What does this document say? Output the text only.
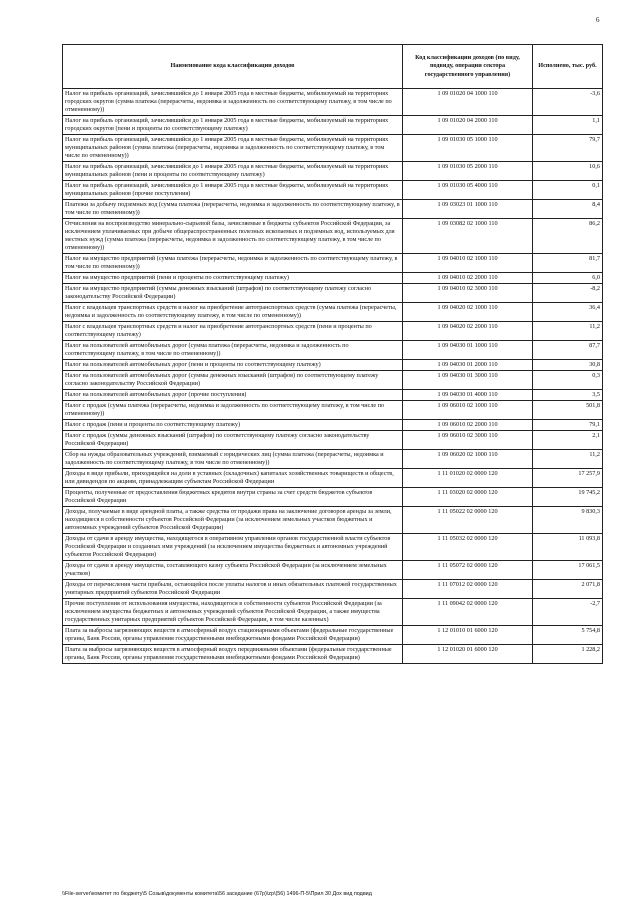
6
Наименование кода классификации доходов	Код классификации доходов (по виду, подвиду, операции сектора государственного управления)	Исполнено, тыс. руб.
Налог на прибыль организаций, зачислявшийся до 1 января 2005 года в местные бюджеты, мобилизуемый на территориях городских округов (сумма платежа (перерасчеты, недоимка и задолженность по соответствующему платежу, в том числе по отмененному))	1 09 01020 04 1000 110	-3,6
Налог на прибыль организаций, зачислявшийся до 1 января 2005 года в местные бюджеты, мобилизуемый на территориях городских округов (пени и проценты по соответствующему платежу)	1 09 01020 04 2000 110	1,1
Налог на прибыль организаций, зачислявшийся до 1 января 2005 года в местные бюджеты, мобилизуемый на территориях муниципальных районов (сумма платежа (перерасчеты, недоимка и задолженность по соответствующему платежу, в том числе по отмененному))	1 09 01030 05 1000 110	79,7
Налог на прибыль организаций, зачислявшийся до 1 января 2005 года в местные бюджеты, мобилизуемый на территориях муниципальных районов (пени и проценты по соответствующему платежу)	1 09 01030 05 2000 110	10,6
Налог на прибыль организаций, зачислявшийся до 1 января 2005 года в местные бюджеты, мобилизуемый на территориях муниципальных районов (прочие поступления)	1 09 01030 05 4000 110	0,1
Платежи за добычу подземных вод (сумма платежа (перерасчеты, недоимка и задолженность по соответствующему платежу, в том числе по отмененному))	1 09 03023 01 1000 110	8,4
Отчисления на воспроизводство минерально-сырьевой базы, зачисляемые в бюджеты субъектов Российской Федерации, за исключением уплачиваемых при добыче общераспространенных полезных ископаемых и подземных вод, используемых для местных нужд (сумма платежа (перерасчеты, недоимка и задолженность по соответствующему платежу, в том числе по отмененному))	1 09 03082 02 1000 110	86,2
Налог на имущество предприятий (сумма платежа (перерасчеты, недоимка и задолженность по соответствующему платежу, в том числе по отмененному))	1 09 04010 02 1000 110	81,7
Налог на имущество предприятий (пени и проценты по соответствующему платежу)	1 09 04010 02 2000 110	6,0
Налог на имущество предприятий (суммы денежных взысканий (штрафов) по соответствующему платежу согласно законодательству Российской Федерации)	1 09 04010 02 3000 110	-8,2
Налог с владельцев транспортных средств и налог на приобретение автотранспортных средств (сумма платежа (перерасчеты, недоимка и задолженность по соответствующему платежу, в том числе по отмененному))	1 09 04020 02 1000 110	36,4
Налог с владельцев транспортных средств и налог на приобретение автотранспортных средств (пени и проценты по соответствующему платежу)	1 09 04020 02 2000 110	11,2
Налог на пользователей автомобильных дорог (сумма платежа (перерасчеты, недоимка и задолженность по соответствующему платежу, в том числе по отмененному))	1 09 04030 01 1000 110	87,7
Налог на пользователей автомобильных дорог (пени и проценты по соответствующему платежу)	1 09 04030 01 2000 110	30,8
Налог на пользователей автомобильных дорог (суммы денежных взысканий (штрафов) по соответствующему платежу согласно законодательству Российской Федерации)	1 09 04030 01 3000 110	0,3
Налог на пользователей автомобильных дорог (прочие поступления)	1 09 04030 01 4000 110	3,5
Налог с продаж (сумма платежа (перерасчеты, недоимка и задолженность по соответствующему платежу, в том числе по отмененному))	1 09 06010 02 1000 110	501,8
Налог с продаж (пени и проценты по соответствующему платежу)	1 09 06010 02 2000 110	79,1
Налог с продаж (суммы денежных взысканий (штрафов) по соответствующему платежу согласно законодательству Российской Федерации)	1 09 06010 02 3000 110	2,1
Сбор на нужды образовательных учреждений, взимаемый с юридических лиц (сумма платежа (перерасчеты, недоимка и задолженность по соответствующему платежу, в том числе по отмененному))	1 09 06020 02 1000 110	11,2
Доходы в виде прибыли, приходящейся на доли в уставных (складочных) капиталах хозяйственных товариществ и обществ, или дивидендов по акциям, принадлежащим субъектам Российской Федерации	1 11 01020 02 0000 120	17 257,9
Проценты, полученные от предоставления бюджетных кредитов внутри страны за счет средств бюджетов субъектов Российской Федерации	1 11 03020 02 0000 120	19 745,2
Доходы, получаемые в виде арендной платы, а также средства от продажи права на заключение договоров аренды за земли, находящиеся в собственности субъектов Российской Федерации (за исключением земельных участков бюджетных и автономных учреждений субъектов Российской Федерации)	1 11 05022 02 0000 120	9 830,3
Доходы от сдачи в аренду имущества, находящегося в оперативном управлении органов государственной власти субъектов Российской Федерации и созданных ими учреждений (за исключением имущества бюджетных и автономных учреждений субъектов Российской Федерации)	1 11 05032 02 0000 120	11 093,8
Доходы от сдачи в аренду имущества, составляющего казну субъекта Российской Федерации (за исключением земельных участков)	1 11 05072 02 0000 120	17 061,5
Доходы от перечисления части прибыли, остающейся после уплаты налогов и иных обязательных платежей государственных унитарных предприятий субъектов Российской Федерации	1 11 07012 02 0000 120	2 071,8
Прочие поступления от использования имущества, находящегося в собственности субъектов Российской Федерации (за исключением имущества бюджетных и автономных учреждений субъектов Российской Федерации, а также имущества государственных унитарных предприятий субъектов Российской Федерации, в том числе казенных)	1 11 09042 02 0000 120	-2,7
Плата за выбросы загрязняющих веществ в атмосферный воздух стационарными объектами (федеральные государственные органы, Банк России, органы управления государственными внебюджетными фондами Российской Федерации)	1 12 01010 01 6000 120	5 754,8
Плата за выбросы загрязняющих веществ в атмосферный воздух передвижными объектами (федеральные государственные органы, Банк России, органы управления государственными внебюджетными фондами Российской Федерации)	1 12 01020 01 6000 120	1 228,2
\\File-server\комитет по бюджету\5 Созыв\документы комитета\56 заседание (67р)\zp\(56) 1496-П-5\Прил 30 Дох вид подвид
